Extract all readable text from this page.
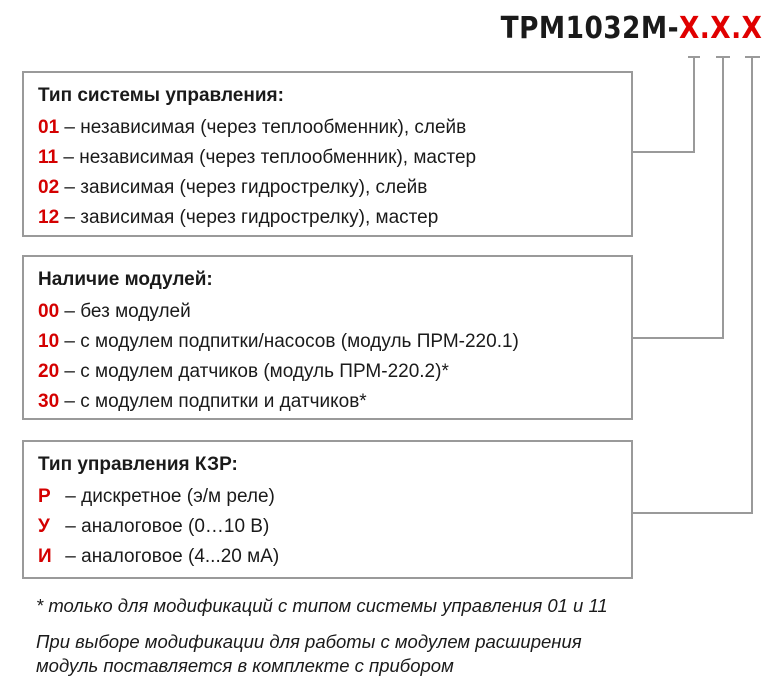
ТРМ1032М-Х.Х.Х
Тип системы управления:
01 – независимая (через теплообменник), слейв
11 – независимая (через теплообменник), мастер
02 – зависимая (через гидрострелку), слейв
12 – зависимая (через гидрострелку), мастер
Наличие модулей:
00 – без модулей
10 – с модулем подпитки/насосов (модуль ПРМ-220.1)
20 – с модулем датчиков (модуль ПРМ-220.2)*
30 – с модулем подпитки и датчиков*
Тип управления КЗР:
Р – дискретное (э/м реле)
У – аналоговое (0…10 В)
И – аналоговое (4...20 мА)
* только для модификаций с типом системы управления 01 и 11
При выборе модификации для работы с модулем расширения
модуль поставляется в комплекте с прибором
